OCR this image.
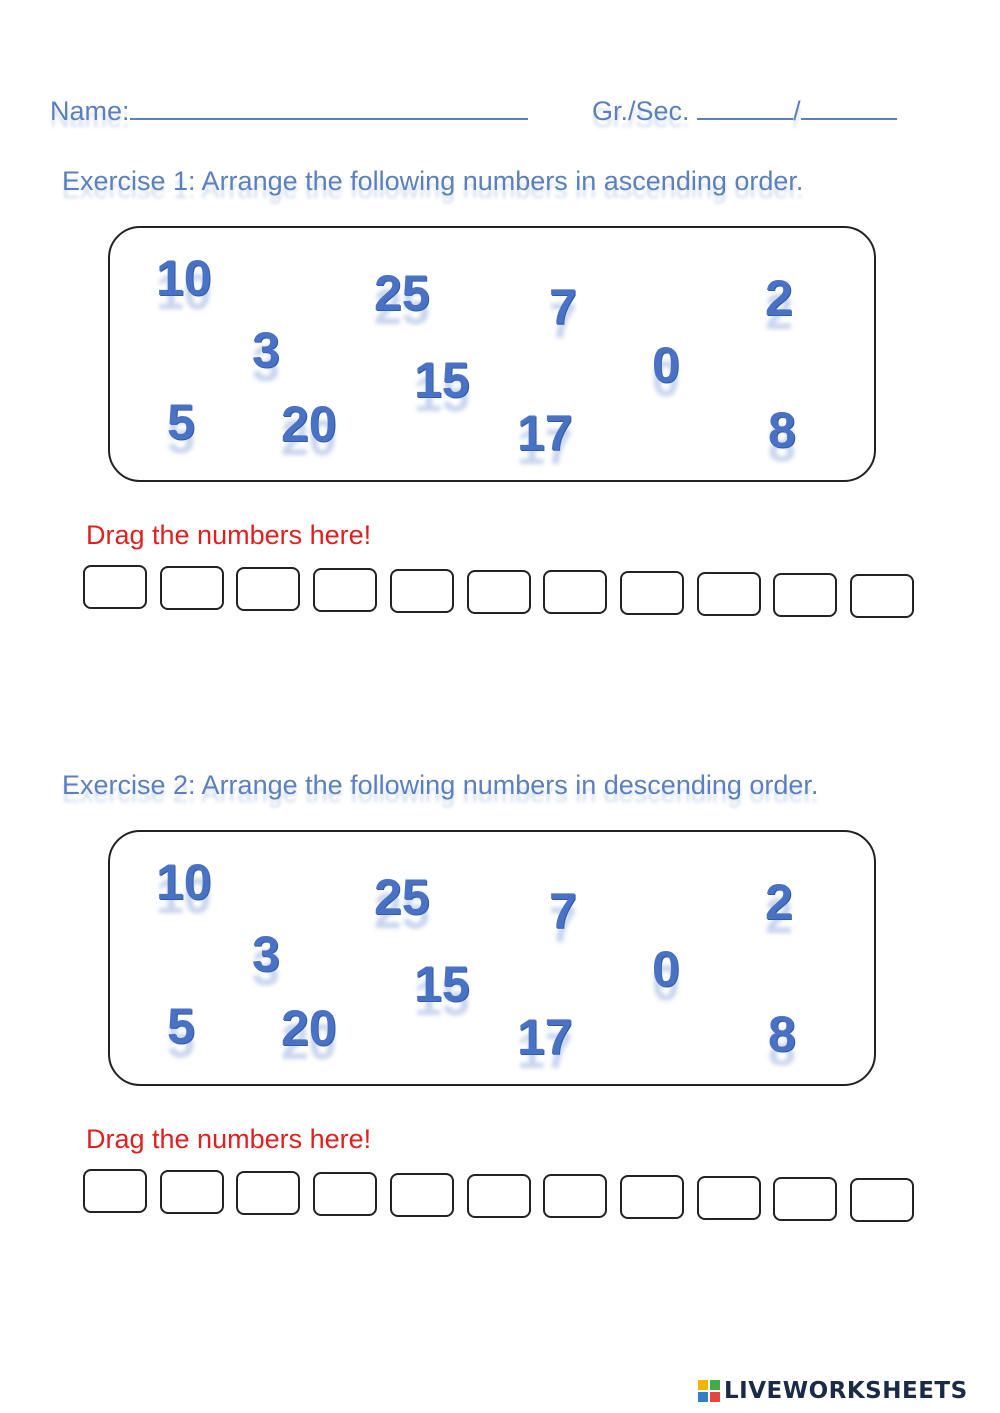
Name:	Gr./Sec.	/
Exercise 1: Arrange the following numbers in ascending order.
10	25 7	2
3
15	0
5 20	17	8
Drag the numbers here!
Exercise 2: Arrange the following numbers in descending order.
10	25 7	2
3
15	0
5 20	17	8
Drag the numbers here!
LIVEWORKSHEETS
